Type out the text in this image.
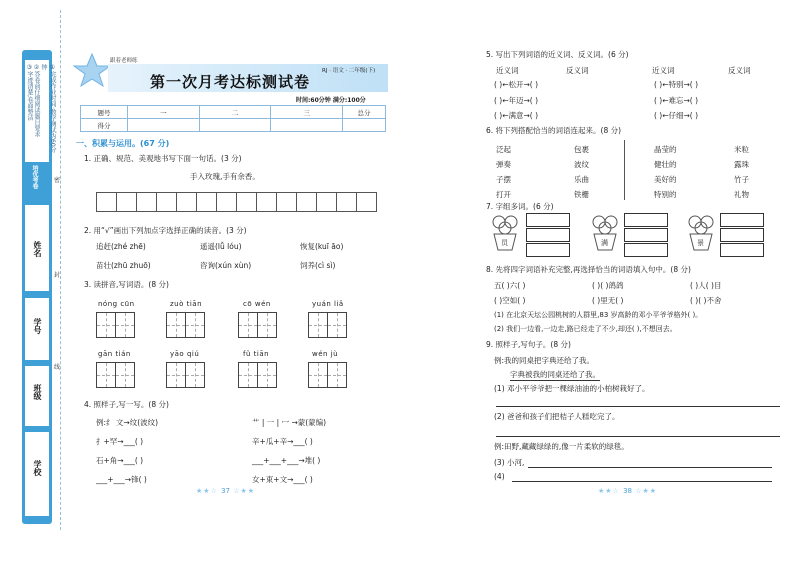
①完成作业时间:数学测试为60分钟
②答卷前仔细阅读题目要求
③字迹清楚,卷面整洁
培优考卷
姓名
学号
班级
学校
密
封
线
跟着老师练
第一次月考达标测试卷
RJ · 语文 · 二年级(下)
时间:60分钟 满分:100分
题号	一	二	三	总分
得分				
一、积累与运用。(67 分)
1. 正确、规范、美观地书写下面一句话。(3 分)
手入玫瑰,手有余香。
2. 用“√”画出下列加点字选择正确的读音。(3 分)
追赶(zhé zhē)	遥遥(lǚ lóu)	恢复(kuī āo)
苗壮(zhū zhuō)	咨询(xún xùn)	饲养(cì sì)
3. 读拼音,写词语。(8 分)
nóng cūn	zuò tiān	cō wén	yuán liǎ
gān tián	yāo qiú	fǔ tiān	wén jù
4. 照样子,写一写。(8 分)
例:纟 文→纹(波纹)	艹 | 一 | 冖 →蒙(蒙编)
扌+罕→___( )	辛+瓜+辛→___( )
石+角→___( )	___+___+___→堆( )
___+___→锋( )	女+束+文→___( )
★★☆ 37 ☆★★
5. 写出下列词语的近义词、反义词。(6 分)
近义词	反义词	近义词	反义词
( )←松开→( )	( )←特别→( )
( )←年迈→( )	( )←难忘→( )
( )←满意→( )	( )←仔细→( )
6. 将下列搭配恰当的词语连起来。(8 分)
泛起
弹奏
子摆
打开
包裹
波纹
乐曲
铁栅
晶莹的
健壮的
美好的
特别的
米粒
露珠
竹子
礼物
7. 字组多词。(6 分)
员	满	景
8. 先将四字词语补充完整,再选择恰当的词语填入句中。(8 分)
五( )六( )	( )( )鸽鸽	( )人( )目
( )空如( )	( )里无( )	( )( )不舍
(1) 在北京天坛公园桃树的人群里,83 岁高龄的邓小平爷爷格外( )。
(2) 我们一边看,一边走,路已经走了不少,却还( ),不想回去。
9. 照样子,写句子。(8 分)
例:我的同桌把字典还给了我。
字典被我的同桌还给了我。
(1) 邓小平爷爷把一棵绿油油的小柏树栽好了。
(2) 爸爸和孩子们把桔子人糕吃完了。
例:田野,藏藏绿绿的,像一片柔软的绿毯。
(3) 小河,
(4)
★★☆ 38 ☆★★
